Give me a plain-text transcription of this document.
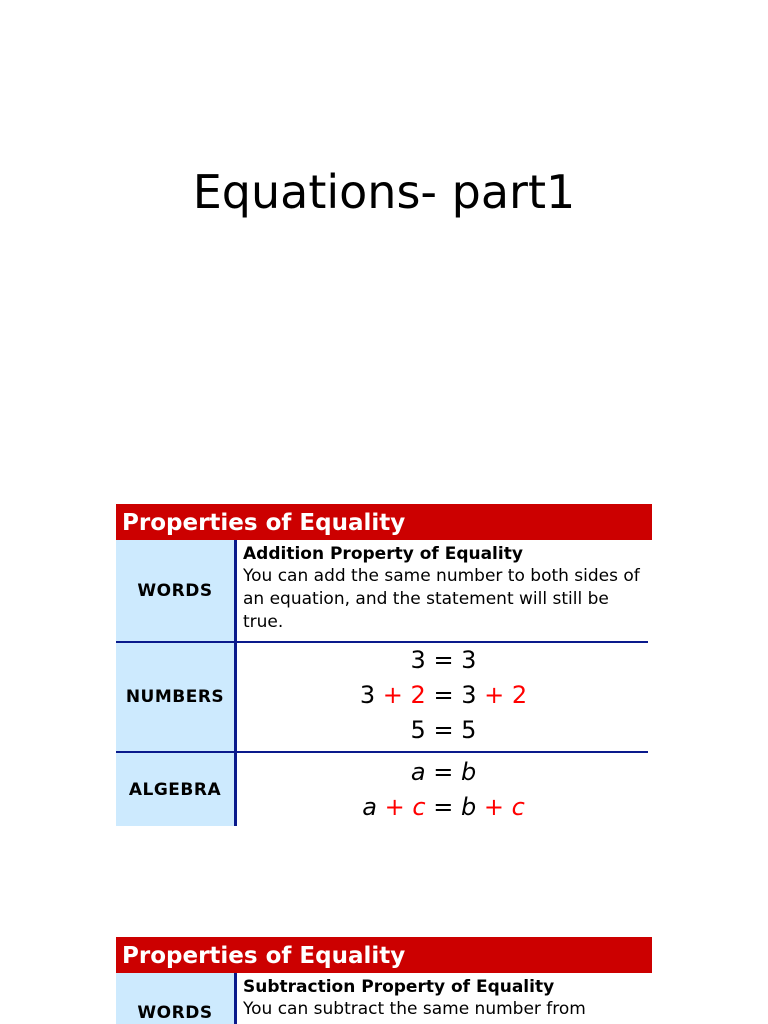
Equations- part1
Properties of Equality
WORDS
Addition Property of Equality
You can add the same number to both sides of an equation, and the statement will still be true.
NUMBERS
3 = 3
3 + 2 = 3 + 2
5 = 5
ALGEBRA
a = b
a + c = b + c
Properties of Equality
WORDS
Subtraction Property of Equality
You can subtract the same number from
